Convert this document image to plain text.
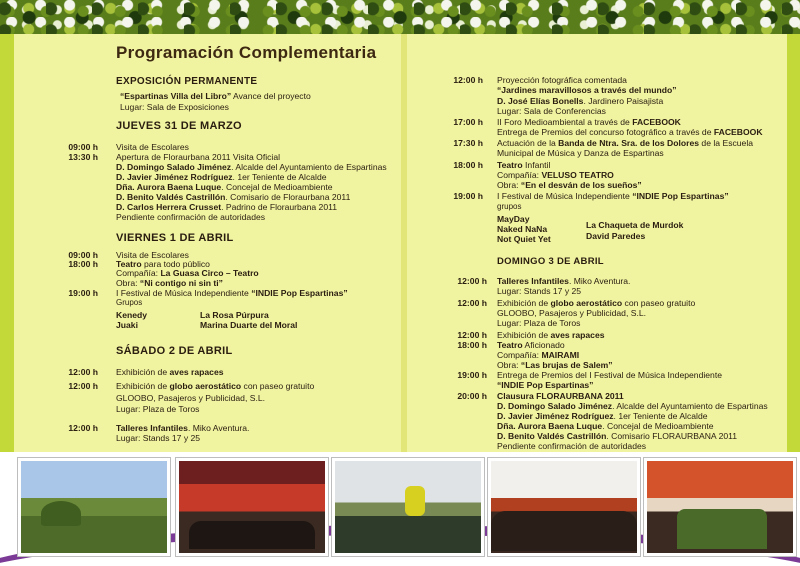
Programación Complementaria
EXPOSICIÓN PERMANENTE
“Espartinas Villa del Libro” Avance del proyecto
Lugar: Sala de Exposiciones
JUEVES 31 DE MARZO
09:00 h
13:30 h
Visita de Escolares
Apertura de Floraurbana 2011 Visita Oficial
D. Domingo Salado Jiménez. Alcalde del Ayuntamiento de Espartinas
D. Javier Jiménez Rodríguez. 1er Teniente de Alcalde
Dña. Aurora Baena Luque. Concejal de Medioambiente
D. Benito Valdés Castrillón. Comisario de Floraurbana 2011
D. Carlos Herrera Crusset. Padrino de Floraurbana 2011
Pendiente confirmación de autoridades
VIERNES 1 DE ABRIL
09:00 h
18:00 h
19:00 h
Visita de Escolares
Teatro para todo público
Compañía: La Guasa Circo – Teatro
Obra: “Ni contigo ni sin ti”
I Festival de Música Independiente “INDIE Pop Espartinas”
Grupos
Kenedy
Juaki
La Rosa Púrpura
Marina Duarte del Moral
SÁBADO 2 DE ABRIL
12:00 h
12:00 h
12:00 h
Exhibición de aves rapaces
Exhibición de globo aerostático con paseo gratuito
GLOOBO, Pasajeros y Publicidad, S.L.
Lugar: Plaza de Toros
Talleres Infantiles. Miko Aventura.
Lugar: Stands 17 y 25
12:00 h Proyección fotográfica comentada
“Jardines maravillosos a través del mundo”
D. José Elías Bonells. Jardinero Paisajista
Lugar: Sala de Conferencias
17:00 h II Foro Medioambiental a través de FACEBOOK
Entrega de Premios del concurso fotográfico a través de FACEBOOK
17:30 h Actuación de la Banda de Ntra. Sra. de los Dolores de la Escuela
Municipal de Música y Danza de Espartinas
18:00 h Teatro Infantil
Compañía: VELUSO TEATRO
Obra: “En el desván de los sueños”
19:00 h I Festival de Música Independiente “INDIE Pop Espartinas”
grupos
MayDay
Naked NaNa
Not Quiet Yet
La Chaqueta de Murdok
David Paredes
DOMINGO 3 DE ABRIL
12:00 h Talleres Infantiles. Miko Aventura.
Lugar: Stands 17 y 25
12:00 h Exhibición de globo aerostático con paseo gratuito
GLOOBO, Pasajeros y Publicidad, S.L.
Lugar: Plaza de Toros
12:00 h Exhibición de aves rapaces
18:00 h Teatro Aficionado
Compañía: MAIRAMI
Obra: “Las brujas de Salem”
19:00 h Entrega de Premios del I Festival de Música Independiente
“INDIE Pop Espartinas”
20:00 h Clausura FLORAURBANA 2011
D. Domingo Salado Jiménez. Alcalde del Ayuntamiento de Espartinas
D. Javier Jiménez Rodríguez. 1er Teniente de Alcalde
Dña. Aurora Baena Luque. Concejal de Medioambiente
D. Benito Valdés Castrillón. Comisario FLORAURBANA 2011
Pendiente confirmación de autoridades
